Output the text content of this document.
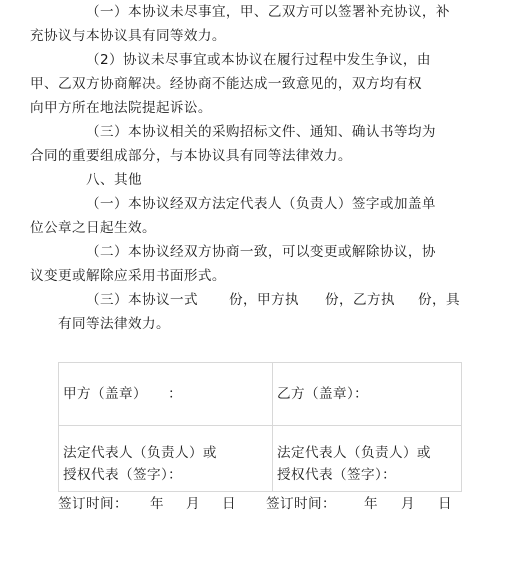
（一）本协议未尽事宜，甲、乙双方可以签署补充协议，补
充协议与本协议具有同等效力。

（2）协议未尽事宜或本协议在履行过程中发生争议，由
甲、乙双方协商解决。经协商不能达成一致意见的，双方均有权
向甲方所在地法院提起诉讼。

（三）本协议相关的采购招标文件、通知、确认书等均为
合同的重要组成部分，与本协议具有同等法律效力。

八、其他

（一）本协议经双方法定代表人（负责人）签字或加盖单
位公章之日起生效。

（二）本协议经双方协商一致，可以变更或解除协议，协
议变更或解除应采用书面形式。

（三）本协议一式 份，甲方执 份，乙方执 份，具
有同等法律效力。
甲方（盖章）　　：	乙方（盖章）：

法定代表人（负责人）或
授权代表（签字）：	法定代表人（负责人）或
授权代表（签字）：
签订时间： 年 月 日 签订时间： 年 月 日
